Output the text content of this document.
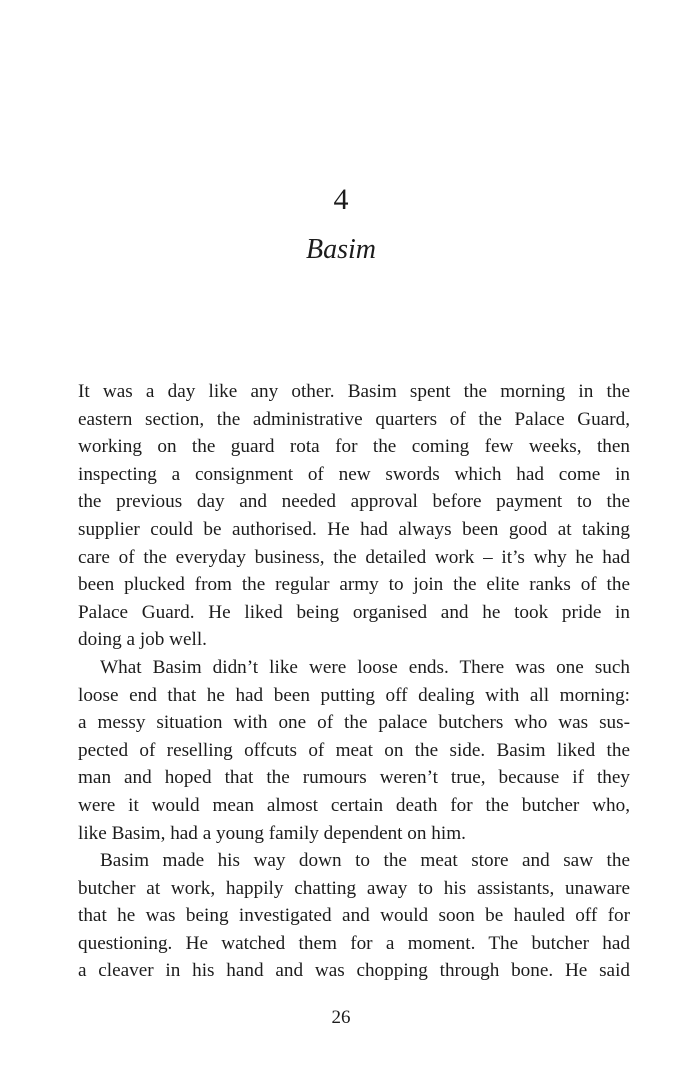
4
Basim

It was a day like any other. Basim spent the morning in the
eastern section, the administrative quarters of the Palace Guard,
working on the guard rota for the coming few weeks, then
inspecting a consignment of new swords which had come in
the previous day and needed approval before payment to the
supplier could be authorised. He had always been good at taking
care of the everyday business, the detailed work – it’s why he had
been plucked from the regular army to join the elite ranks of the
Palace Guard. He liked being organised and he took pride in
doing a job well.

What Basim didn’t like were loose ends. There was one such
loose end that he had been putting off dealing with all morning:
a messy situation with one of the palace butchers who was sus-
pected of reselling offcuts of meat on the side. Basim liked the
man and hoped that the rumours weren’t true, because if they
were it would mean almost certain death for the butcher who,
like Basim, had a young family dependent on him.

Basim made his way down to the meat store and saw the
butcher at work, happily chatting away to his assistants, unaware
that he was being investigated and would soon be hauled off for
questioning. He watched them for a moment. The butcher had
a cleaver in his hand and was chopping through bone. He said

26
